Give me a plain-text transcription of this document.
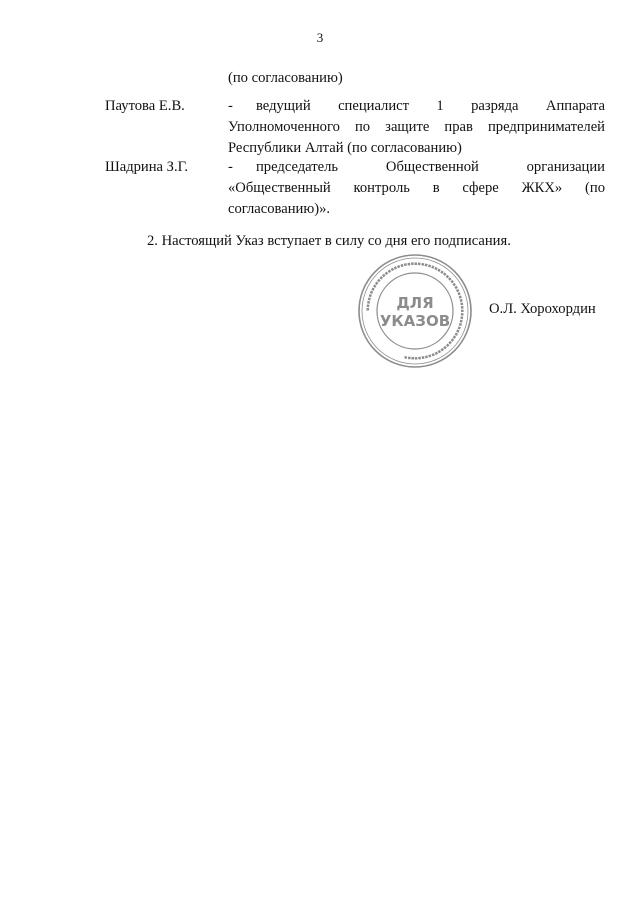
3
(по согласованию)
Паутова Е.В.	- ведущий специалист 1 разряда Аппарата Уполномоченного по защите прав предпринимателей Республики Алтай (по согласованию)
Шадрина З.Г.	- председатель Общественной организации «Общественный контроль в сфере ЖКХ» (по согласованию)».
2. Настоящий Указ вступает в силу со дня его подписания.
▪▪▪▪▪▪▪▪▪▪▪▪▪▪▪▪▪▪▪▪▪▪▪▪▪▪▪▪▪▪▪▪▪▪▪▪▪▪▪▪▪▪▪▪▪▪▪▪▪▪▪▪▪▪▪▪▪▪▪▪▪▪▪▪▪▪▪
ДЛЯ
УКАЗОВ
О.Л. Хорохордин
